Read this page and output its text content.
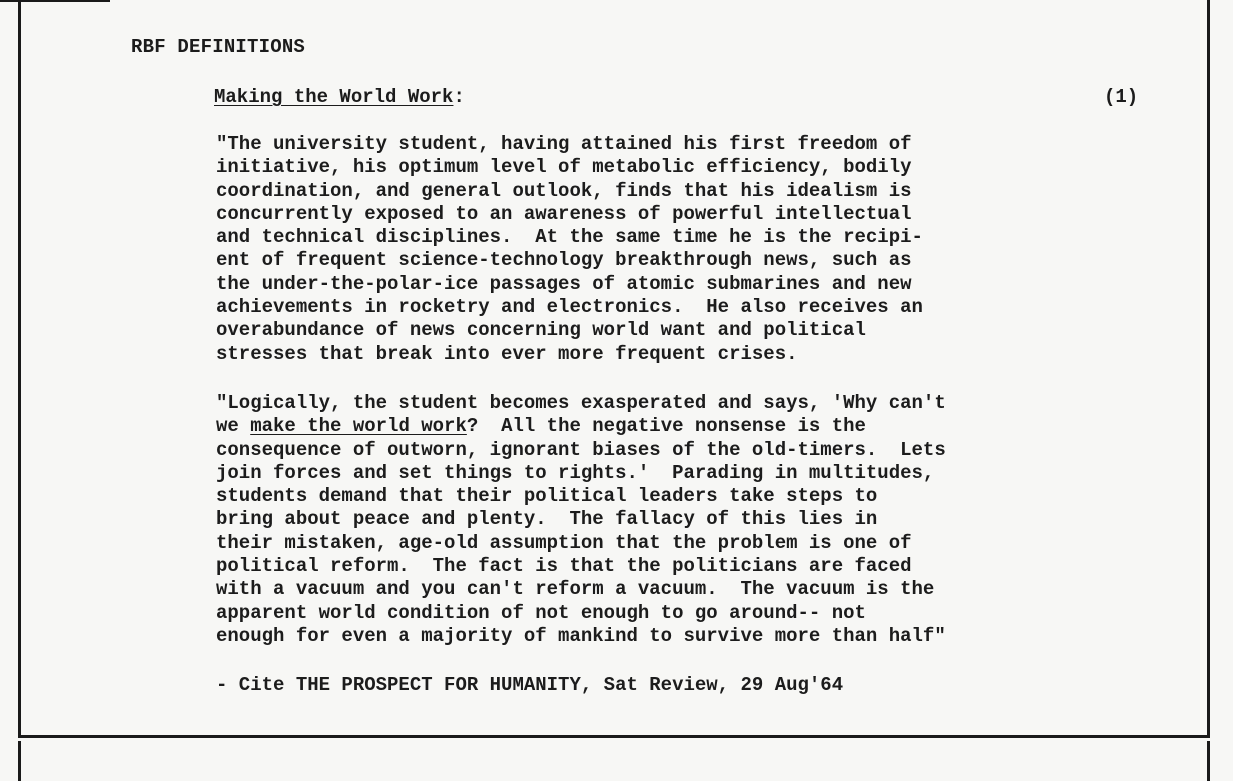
RBF DEFINITIONS
Making the World Work:	(1)
"The university student, having attained his first freedom of
initiative, his optimum level of metabolic efficiency, bodily
coordination, and general outlook, finds that his idealism is
concurrently exposed to an awareness of powerful intellectual
and technical disciplines.  At the same time he is the recipi-
ent of frequent science-technology breakthrough news, such as
the under-the-polar-ice passages of atomic submarines and new
achievements in rocketry and electronics.  He also receives an
overabundance of news concerning world want and political
stresses that break into ever more frequent crises.
"Logically, the student becomes exasperated and says, 'Why can't
we make the world work?  All the negative nonsense is the
consequence of outworn, ignorant biases of the old-timers.  Lets
join forces and set things to rights.'  Parading in multitudes,
students demand that their political leaders take steps to
bring about peace and plenty.  The fallacy of this lies in
their mistaken, age-old assumption that the problem is one of
political reform.  The fact is that the politicians are faced
with a vacuum and you can't reform a vacuum.  The vacuum is the
apparent world condition of not enough to go around-- not
enough for even a majority of mankind to survive more than half"
- Cite THE PROSPECT FOR HUMANITY, Sat Review, 29 Aug'64
